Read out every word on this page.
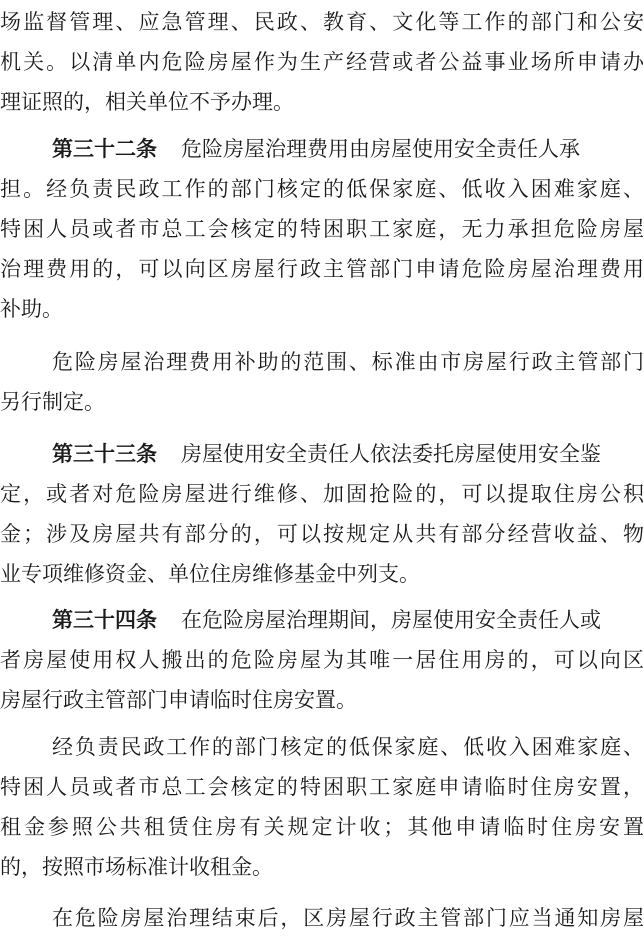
场监督管理、应急管理、民政、教育、文化等工作的部门和公安
机关。以清单内危险房屋作为生产经营或者公益事业场所申请办
理证照的，相关单位不予办理。
第三十二条 危险房屋治理费用由房屋使用安全责任人承
担。经负责民政工作的部门核定的低保家庭、低收入困难家庭、
特困人员或者市总工会核定的特困职工家庭，无力承担危险房屋
治理费用的，可以向区房屋行政主管部门申请危险房屋治理费用
补助。
危险房屋治理费用补助的范围、标准由市房屋行政主管部门
另行制定。
第三十三条 房屋使用安全责任人依法委托房屋使用安全鉴
定，或者对危险房屋进行维修、加固抢险的，可以提取住房公积
金；涉及房屋共有部分的，可以按规定从共有部分经营收益、物
业专项维修资金、单位住房维修基金中列支。
第三十四条 在危险房屋治理期间，房屋使用安全责任人或
者房屋使用权人搬出的危险房屋为其唯一居住用房的，可以向区
房屋行政主管部门申请临时住房安置。
经负责民政工作的部门核定的低保家庭、低收入困难家庭、
特困人员或者市总工会核定的特困职工家庭申请临时住房安置，
租金参照公共租赁住房有关规定计收；其他申请临时住房安置
的，按照市场标准计收租金。
在危险房屋治理结束后，区房屋行政主管部门应当通知房屋
